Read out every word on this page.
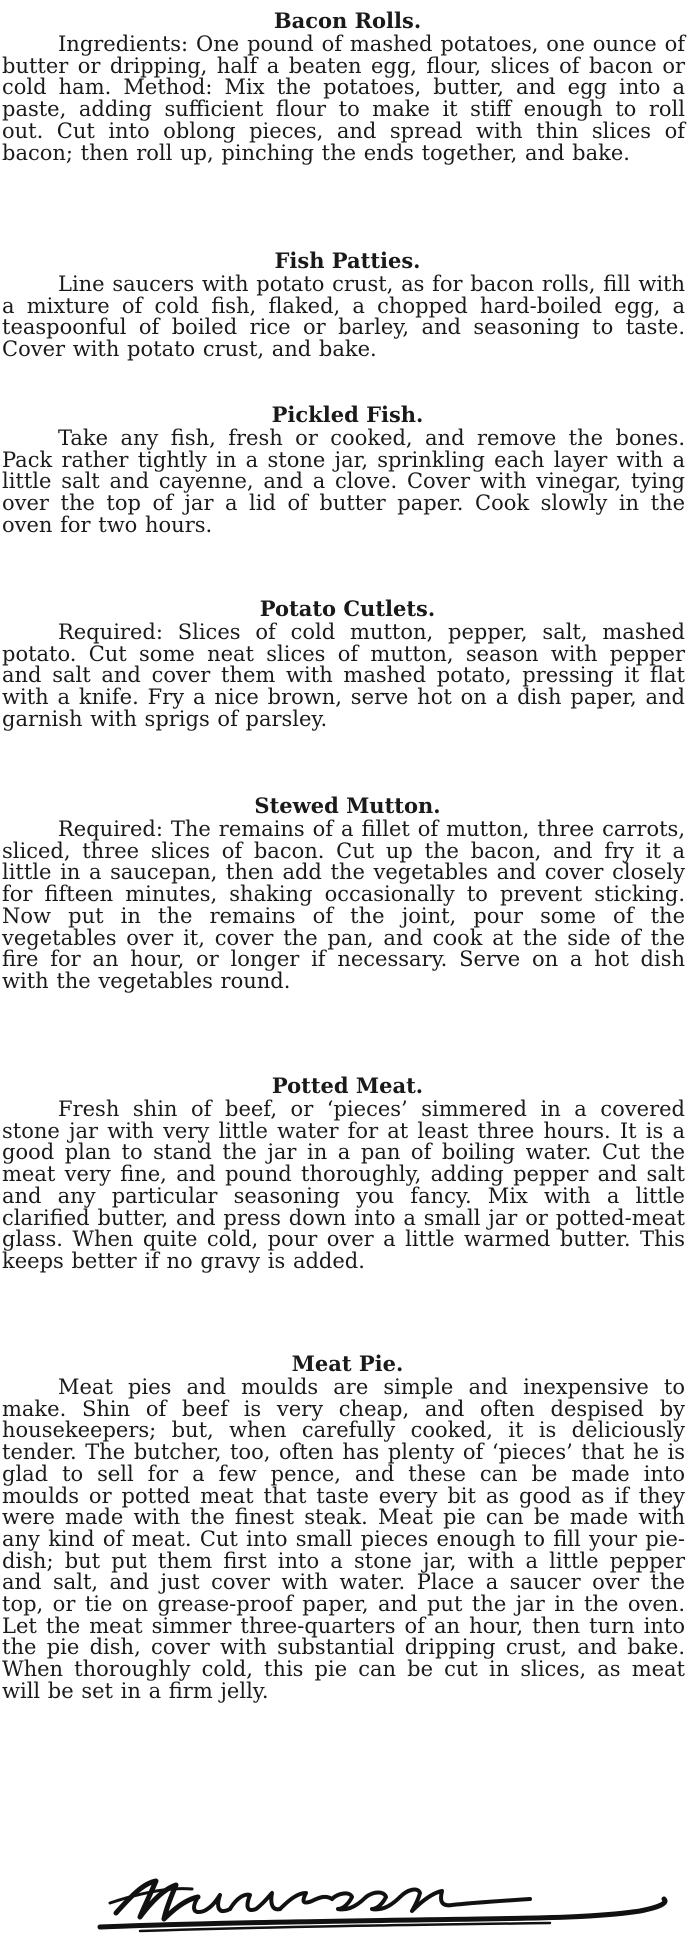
Bacon Rolls.

Ingredients: One pound of mashed potatoes, one ounce of butter or dripping, half a beaten egg, flour, slices of bacon or cold ham. Method: Mix the potatoes, butter, and egg into a paste, adding sufficient flour to make it stiff enough to roll out. Cut into oblong pieces, and spread with thin slices of bacon; then roll up, pinching the ends together, and bake.

Fish Patties.

Line saucers with potato crust, as for bacon rolls, fill with a mixture of cold fish, flaked, a chopped hard-boiled egg, a teaspoonful of boiled rice or barley, and seasoning to taste. Cover with potato crust, and bake.

Pickled Fish.

Take any fish, fresh or cooked, and remove the bones. Pack rather tightly in a stone jar, sprinkling each layer with a little salt and cayenne, and a clove. Cover with vinegar, tying over the top of jar a lid of butter paper. Cook slowly in the oven for two hours.

Potato Cutlets.

Required: Slices of cold mutton, pepper, salt, mashed potato. Cut some neat slices of mutton, season with pepper and salt and cover them with mashed potato, pressing it flat with a knife. Fry a nice brown, serve hot on a dish paper, and garnish with sprigs of parsley.

Stewed Mutton.

Required: The remains of a fillet of mutton, three carrots, sliced, three slices of bacon. Cut up the bacon, and fry it a little in a saucepan, then add the vegetables and cover closely for fifteen minutes, shaking occasionally to prevent sticking. Now put in the remains of the joint, pour some of the vegetables over it, cover the pan, and cook at the side of the fire for an hour, or longer if necessary. Serve on a hot dish with the vegetables round.

Potted Meat.

Fresh shin of beef, or ‘pieces’ simmered in a covered stone jar with very little water for at least three hours. It is a good plan to stand the jar in a pan of boiling water. Cut the meat very fine, and pound thoroughly, adding pepper and salt and any particular seasoning you fancy. Mix with a little clarified butter, and press down into a small jar or potted-meat glass. When quite cold, pour over a little warmed butter. This keeps better if no gravy is added.

Meat Pie.

Meat pies and moulds are simple and inexpensive to make. Shin of beef is very cheap, and often despised by housekeepers; but, when carefully cooked, it is deliciously tender. The butcher, too, often has plenty of ‘pieces’ that he is glad to sell for a few pence, and these can be made into moulds or potted meat that taste every bit as good as if they were made with the finest steak. Meat pie can be made with any kind of meat. Cut into small pieces enough to fill your pie-dish; but put them first into a stone jar, with a little pepper and salt, and just cover with water. Place a saucer over the top, or tie on grease-proof paper, and put the jar in the oven. Let the meat simmer three-quarters of an hour, then turn into the pie dish, cover with substantial dripping crust, and bake. When thoroughly cold, this pie can be cut in slices, as meat will be set in a firm jelly.
